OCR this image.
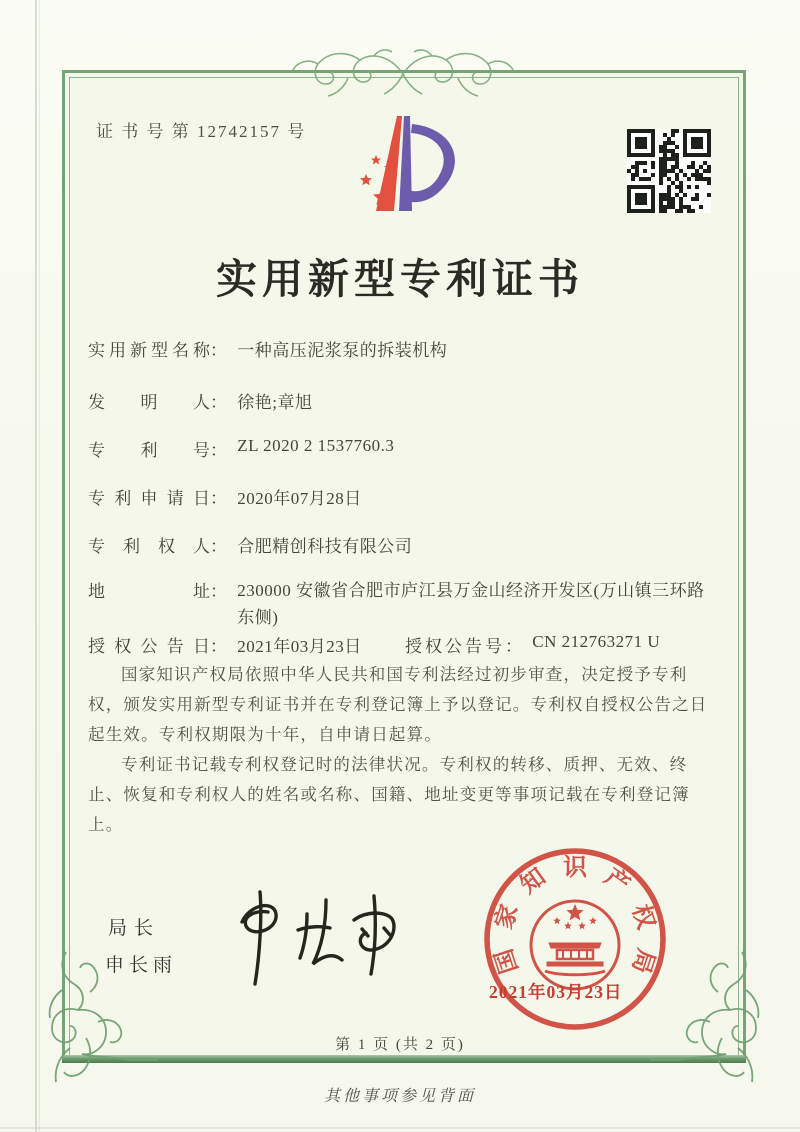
证 书 号 第 12742157 号
实用新型专利证书
实用新型名称： 一种高压泥浆泵的拆装机构
发明人： 徐艳;章旭
专利号： ZL 2020 2 1537760.3
专利申请日： 2020年07月28日
专利权人： 合肥精创科技有限公司
地址： 230000 安徽省合肥市庐江县万金山经济开发区(万山镇三环路东侧)
授权公告日： 2021年03月23日	授权公告号： CN 212763271 U

国家知识产权局依照中华人民共和国专利法经过初步审查，决定授予专利权，颁发实用新型专利证书并在专利登记簿上予以登记。专利权自授权公告之日起生效。专利权期限为十年，自申请日起算。

专利证书记载专利权登记时的法律状况。专利权的转移、质押、无效、终止、恢复和专利权人的姓名或名称、国籍、地址变更等事项记载在专利登记簿上。

局长
申长雨	国
家
知 识 产
权
局
2021年03月23日
第 1 页 (共 2 页)
其他事项参见背面
